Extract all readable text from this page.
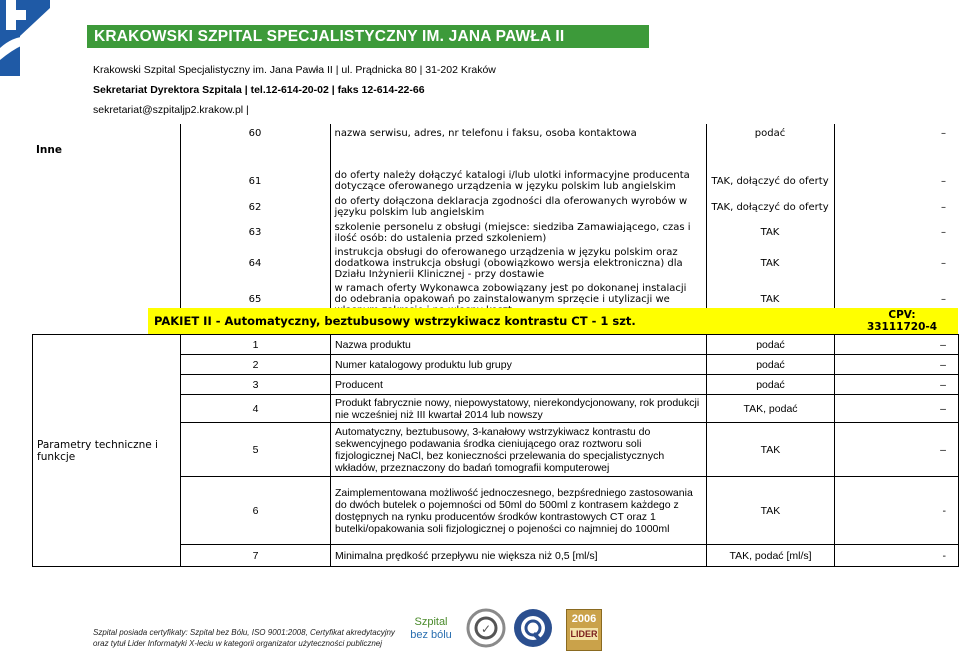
KRAKOWSKI SZPITAL SPECJALISTYCZNY IM. JANA PAWŁA II
Krakowski Szpital Specjalistyczny im. Jana Pawła II | ul. Prądnicka 80 | 31-202 Kraków
Sekretariat Dyrektora Szpitala | tel.12-614-20-02 | faks 12-614-22-66
sekretariat@szpitaljp2.krakow.pl |
	60	nazwa serwisu, adres, nr telefonu i faksu, osoba kontaktowa	podać	–
Inne				

	61	do oferty należy dołączyć katalogi i/lub ulotki informacyjne producenta dotyczące oferowanego urządzenia w języku polskim lub angielskim	TAK, dołączyć do oferty	–
	62	do oferty dołączona deklaracja zgodności dla oferowanych wyrobów w języku polskim lub angielskim	TAK, dołączyć do oferty	–
	63	szkolenie personelu z obsługi (miejsce: siedziba Zamawiającego, czas i ilość osób: do ustalenia przed szkoleniem)	TAK	–
	64	instrukcja obsługi do oferowanego urządzenia w języku polskim oraz dodatkowa instrukcja obsługi (obowiązkowo wersja elektroniczna) dla Działu Inżynierii Klinicznej - przy dostawie	TAK	–
	65	w ramach oferty Wykonawca zobowiązany jest po dokonanej instalacji do odebrania opakowań po zainstalowanym sprzęcie i utylizacji we	TAK	–
PAKIET II - Automatyczny, beztubusowy wstrzykiwacz kontrastu CT - 1 szt.	CPV:
33111720-4
Parametry techniczne i funkcje	1	Nazwa produktu	podać	–
	2	Numer katalogowy produktu lub grupy	podać	–
	3	Producent	podać	–
	4	Produkt fabrycznie nowy, niepowystatowy, nierekondycjonowany, rok produkcji nie wcześniej niż III kwartał 2014 lub nowszy	TAK, podać	–
	5	Automatyczny, beztubusowy, 3-kanałowy wstrzykiwacz kontrastu do sekwencyjnego podawania środka cieniującego oraz roztworu soli fizjologicznej NaCl, bez konieczności przelewania do specjalistycznych wkładów, przeznaczony do badań tomografii komputerowej	TAK	–
	6	Zaimplementowana możliwość jednoczesnego, bezpśredniego zastosowania do dwóch butelek o pojemności od 50ml do 500ml z kontrasem każdego z dostępnych na rynku producentów środków kontrastowych CT oraz 1 butelki/opakowania soli fizjologicznej o pojeności co najmniej do 1000ml	TAK	-
	7	Minimalna prędkość przepływu nie większa niż 0,5 [ml/s]	TAK, podać [ml/s]	-
Szpital posiada certyfikaty: Szpital bez Bólu, ISO 9001:2008, Certyfikat akredytacyjny
oraz tytuł Lider Informatyki X-leciu w kategorii organizator użyteczności publicznej
Szpital
bez bólu ✓
2006
LIDER
